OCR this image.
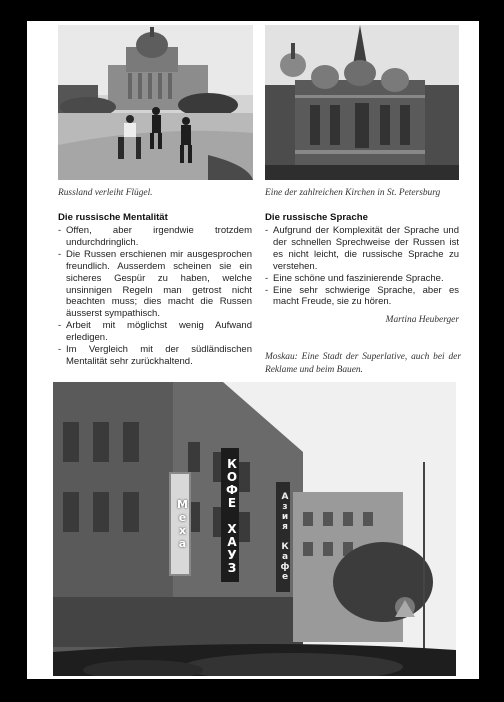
Russland verleiht Flügel.	Eine der zahlreichen Kirchen in St. Petersburg
Die russische Mentalität
- Offen, aber irgendwie trotzdem undurchdringlich.
- Die Russen erschienen mir ausgesprochen freundlich. Ausserdem scheinen sie ein sicheres Gespür zu haben, welche unsinnigen Regeln man getrost nicht beachten muss; dies macht die Russen äusserst sympathisch.
- Arbeit mit möglichst wenig Aufwand erledigen.
- Im Vergleich mit der südländischen Mentalität sehr zurückhaltend.
Die russische Sprache
- Aufgrund der Komplexität der Sprache und der schnellen Sprechweise der Russen ist es nicht leicht, die russische Sprache zu verstehen.
- Eine schöne und faszinierende Sprache.
- Eine sehr schwierige Sprache, aber es macht Freude, sie zu hören.
Martina Heuberger
Moskau: Eine Stadt der Superlative, auch bei der Reklame und beim Bauen.
КОФЕ ХАУЗ
Меха	Азия Кафе
